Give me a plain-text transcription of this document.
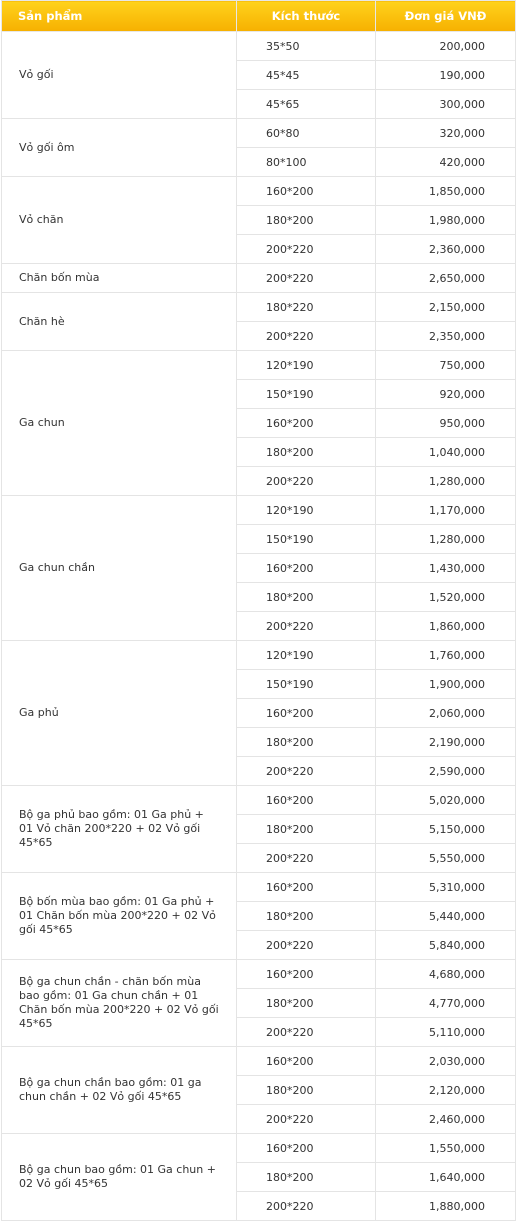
Sản phẩm	Kích thước	Đơn giá VNĐ
Vỏ gối	35*50	200,000
	45*45	190,000
	45*65	300,000
Vỏ gối ôm	60*80	320,000
	80*100	420,000
Vỏ chăn	160*200	1,850,000
	180*200	1,980,000
	200*220	2,360,000
Chăn bốn mùa	200*220	2,650,000
Chăn hè	180*220	2,150,000
	200*220	2,350,000
Ga chun	120*190	750,000
	150*190	920,000
	160*200	950,000
	180*200	1,040,000
	200*220	1,280,000
Ga chun chần	120*190	1,170,000
	150*190	1,280,000
	160*200	1,430,000
	180*200	1,520,000
	200*220	1,860,000
Ga phủ	120*190	1,760,000
	150*190	1,900,000
	160*200	2,060,000
	180*200	2,190,000
	200*220	2,590,000
Bộ ga phủ bao gồm: 01 Ga phủ + 01 Vỏ chăn 200*220 + 02 Vỏ gối 45*65	160*200	5,020,000
	180*200	5,150,000
	200*220	5,550,000
Bộ bốn mùa bao gồm: 01 Ga phủ + 01 Chăn bốn mùa 200*220 + 02 Vỏ gối 45*65	160*200	5,310,000
	180*200	5,440,000
	200*220	5,840,000
Bộ ga chun chần - chăn bốn mùa bao gồm: 01 Ga chun chần + 01 Chăn bốn mùa 200*220 + 02 Vỏ gối 45*65	160*200	4,680,000
	180*200	4,770,000
	200*220	5,110,000
Bộ ga chun chần bao gồm: 01 ga chun chần + 02 Vỏ gối 45*65	160*200	2,030,000
	180*200	2,120,000
	200*220	2,460,000
Bộ ga chun bao gồm: 01 Ga chun + 02 Vỏ gối 45*65	160*200	1,550,000
	180*200	1,640,000
	200*220	1,880,000
